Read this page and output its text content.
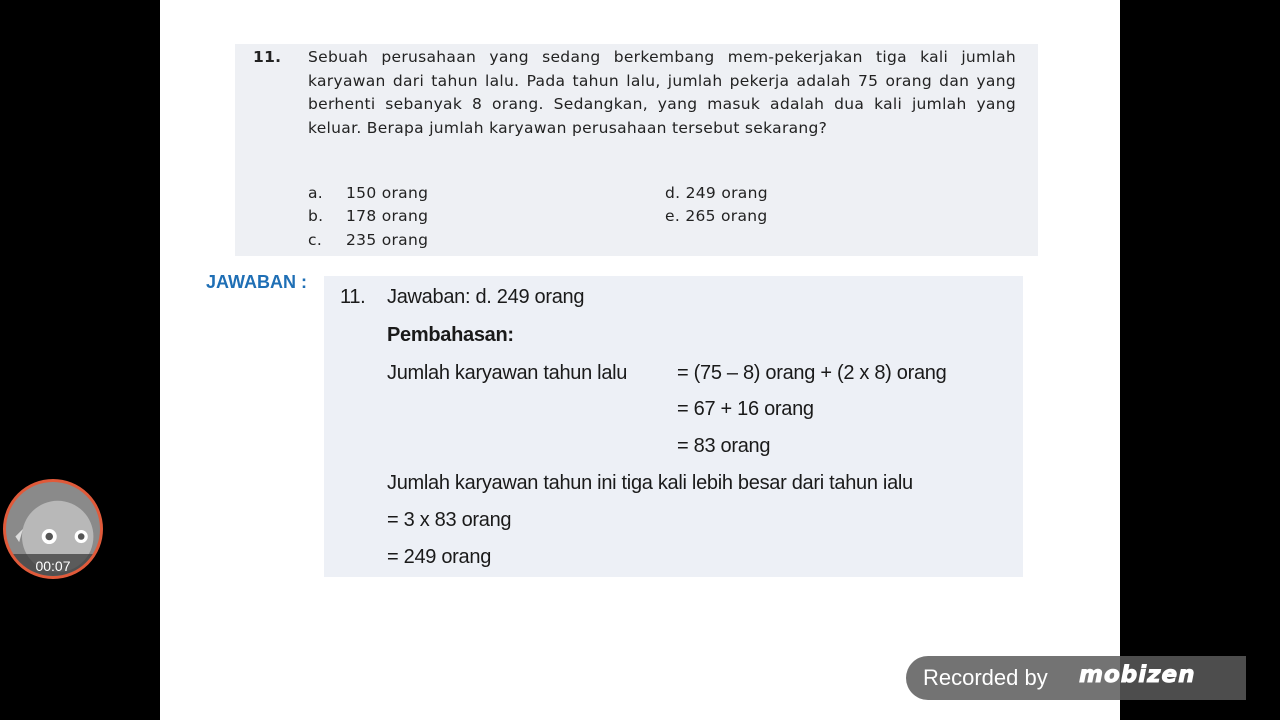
11. Sebuah perusahaan yang sedang berkembang mem-pekerjakan tiga kali jumlah karyawan dari tahun lalu. Pada tahun lalu, jumlah pekerja adalah 75 orang dan yang berhenti sebanyak 8 orang. Sedangkan, yang masuk adalah dua kali jumlah yang keluar. Berapa jumlah karyawan perusahaan tersebut sekarang?

a. 150 orang
b. 178 orang
c. 235 orang
d. 249 orang
e. 265 orang
JAWABAN :
11. Jawaban: d. 249 orang
Pembahasan:
Jumlah karyawan tahun lalu = (75 – 8) orang + (2 x 8) orang
= 67 + 16 orang
= 83 orang
Jumlah karyawan tahun ini tiga kali lebih besar dari tahun ialu
= 3 x 83 orang
= 249 orang
00:07
Recorded by mobizen
